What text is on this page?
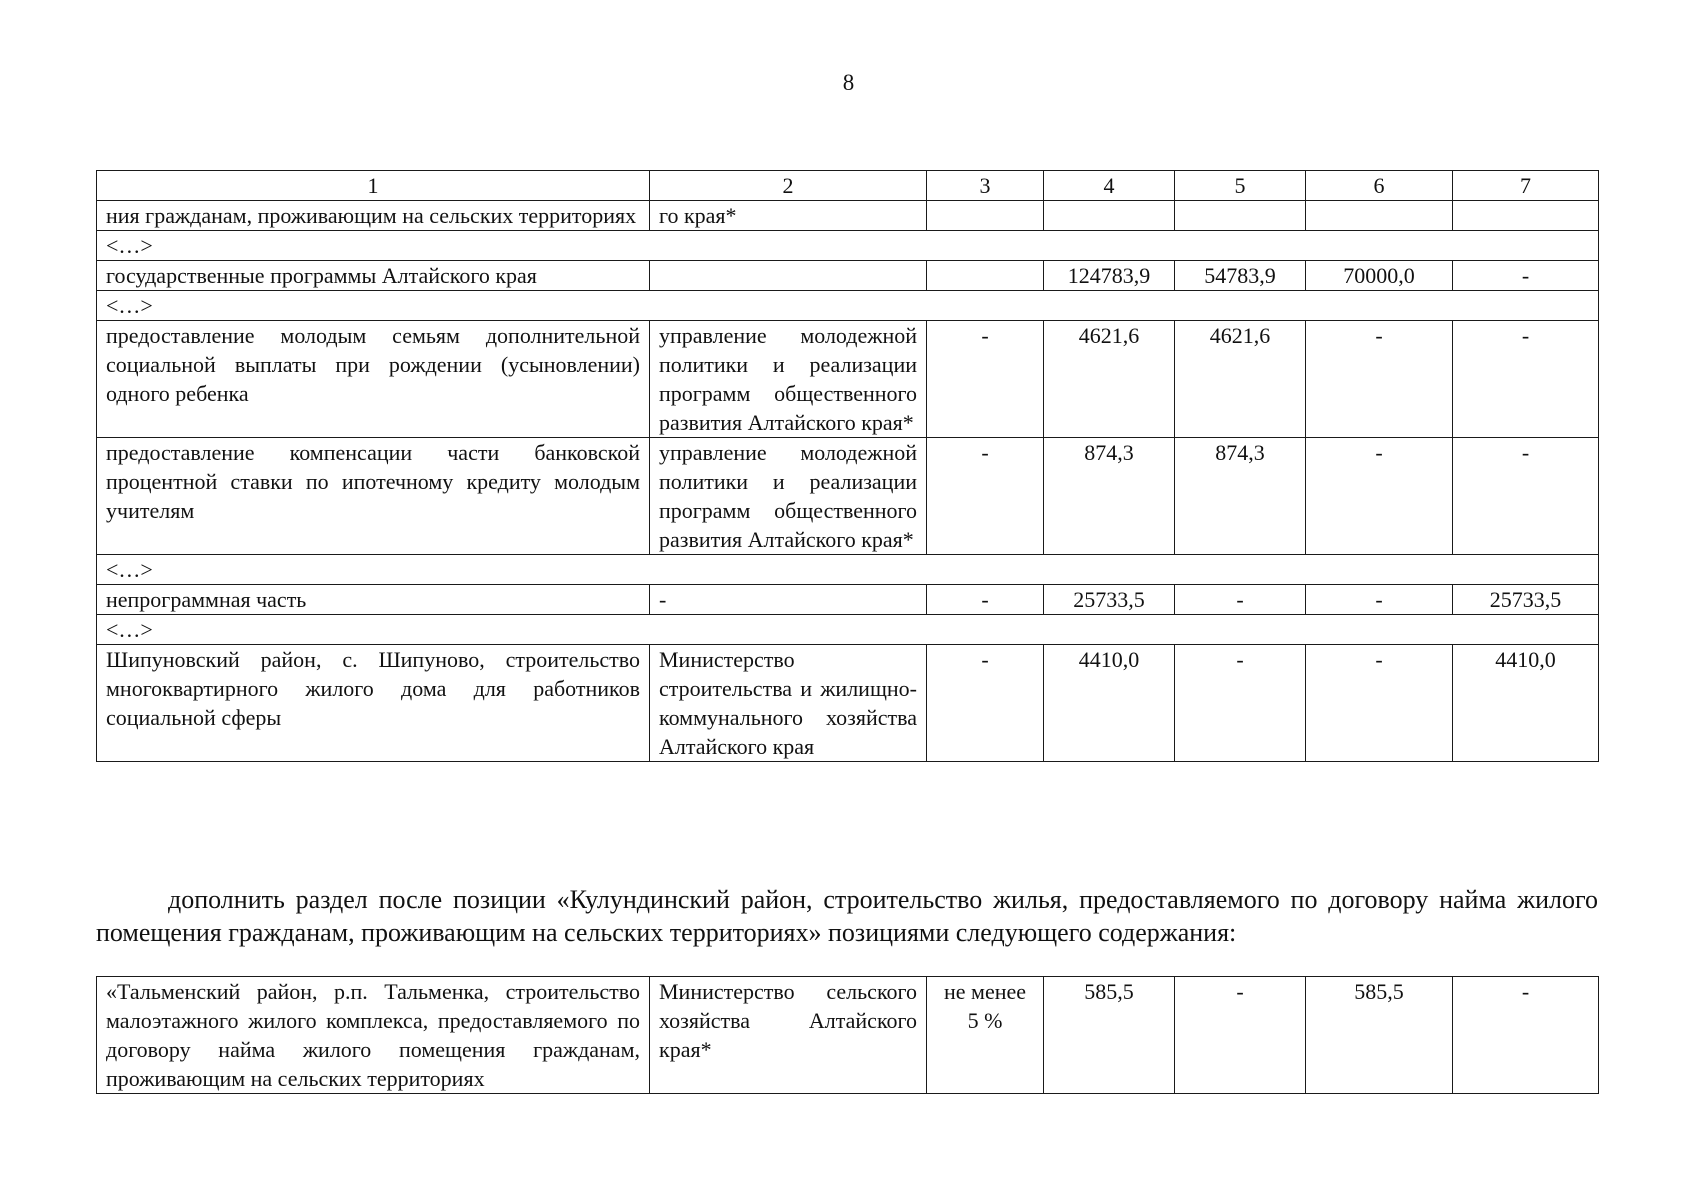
8
1	2	3	4	5	6	7
ния гражданам, проживающим на сельских территориях	го края*					
<…>						
государственные программы Алтайского края			124783,9	54783,9	70000,0	-
<…>						
предоставление молодым семьям дополнительной социальной выплаты при рождении (усыновлении) одного ребенка	управление молодежной политики и реализации программ общественного развития Алтайского края*	-	4621,6	4621,6	-	-
предоставление компенсации части банковской процентной ставки по ипотечному кредиту молодым учителям	управление молодежной политики и реализации программ общественного развития Алтайского края*	-	874,3	874,3	-	-
<…>						
непрограммная часть	-	-	25733,5	-	-	25733,5
<…>						
Шипуновский район, с. Шипуново, строительство многоквартирного жилого дома для работников социальной сферы	Министерство строительства и жилищно-коммунального хозяйства Алтайского края	-	4410,0	-	-	4410,0
дополнить раздел после позиции «Кулундинский район, строительство жилья, предоставляемого по договору найма жилого помещения гражданам, проживающим на сельских территориях» позициями следующего содержания:
«Тальменский район, р.п. Тальменка, строительство малоэтажного жилого комплекса, предоставляемого по договору найма жилого помещения гражданам, проживающим на сельских территориях	Министерство сельского хозяйства Алтайского края*	не менее 5 %	585,5	-	585,5	-
